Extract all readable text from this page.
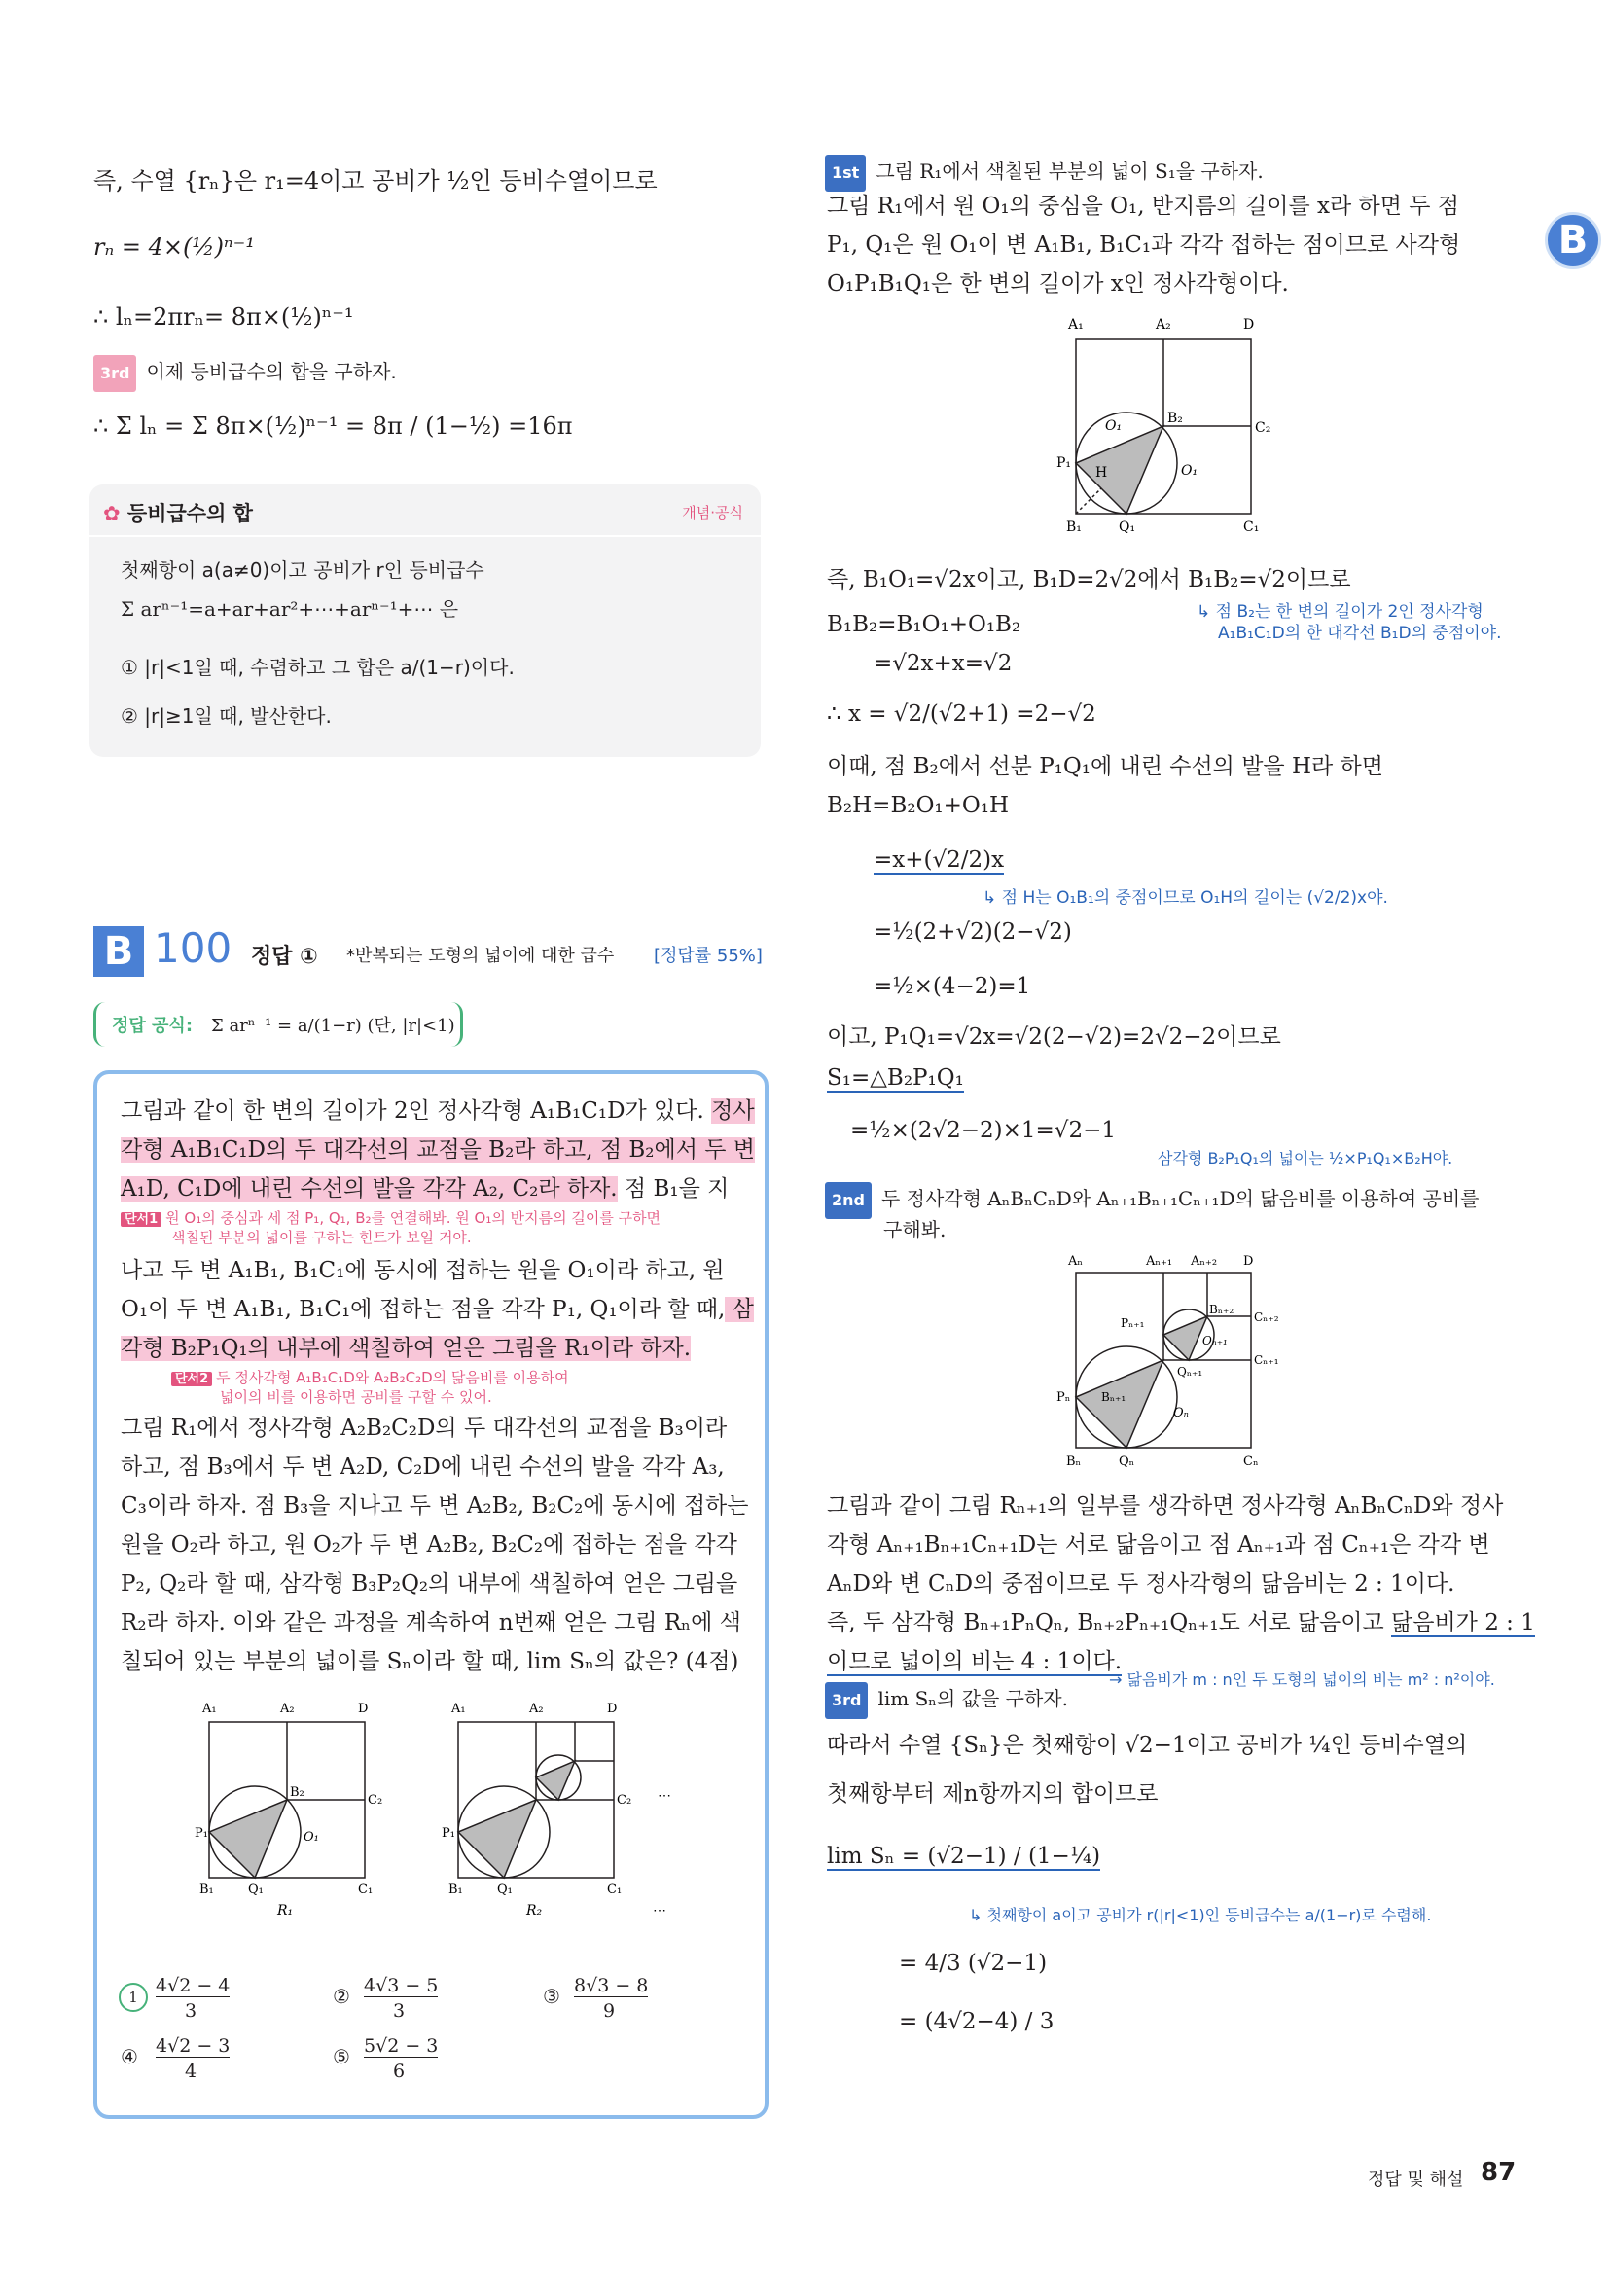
B
즉, 수열 {rₙ}은 r₁=4이고 공비가 ½인 등비수열이므로
rₙ = 4×(½)ⁿ⁻¹
∴ lₙ=2πrₙ= 8π×(½)ⁿ⁻¹
3rd 이제 등비급수의 합을 구하자.
∴ Σ lₙ = Σ 8π×(½)ⁿ⁻¹ = 8π / (1−½) =16π
✿ 등비급수의 합	개념·공식
첫째항이 a(a≠0)이고 공비가 r인 등비급수
Σ arⁿ⁻¹=a+ar+ar²+⋯+arⁿ⁻¹+⋯ 은
① |r|<1일 때, 수렴하고 그 합은 a/(1−r)이다.
② |r|≥1일 때, 발산한다.
B 100 정답 ① *반복되는 도형의 넓이에 대한 급수 [정답률 55%]
정답 공식: Σ arⁿ⁻¹ = a/(1−r) (단, |r|<1)
그림과 같이 한 변의 길이가 2인 정사각형 A₁B₁C₁D가 있다. 정사
각형 A₁B₁C₁D의 두 대각선의 교점을 B₂라 하고, 점 B₂에서 두 변
A₁D, C₁D에 내린 수선의 발을 각각 A₂, C₂라 하자. 점 B₁을 지
단서1 원 O₁의 중심과 세 점 P₁, Q₁, B₂를 연결해봐. 원 O₁의 반지름의 길이를 구하면
색칠된 부분의 넓이를 구하는 힌트가 보일 거야.
나고 두 변 A₁B₁, B₁C₁에 동시에 접하는 원을 O₁이라 하고, 원
O₁이 두 변 A₁B₁, B₁C₁에 접하는 점을 각각 P₁, Q₁이라 할 때, 삼
각형 B₂P₁Q₁의 내부에 색칠하여 얻은 그림을 R₁이라 하자.
단서2 두 정사각형 A₁B₁C₁D와 A₂B₂C₂D의 닮음비를 이용하여
넓이의 비를 이용하면 공비를 구할 수 있어.
그림 R₁에서 정사각형 A₂B₂C₂D의 두 대각선의 교점을 B₃이라
하고, 점 B₃에서 두 변 A₂D, C₂D에 내린 수선의 발을 각각 A₃,
C₃이라 하자. 점 B₃을 지나고 두 변 A₂B₂, B₂C₂에 동시에 접하는
원을 O₂라 하고, 원 O₂가 두 변 A₂B₂, B₂C₂에 접하는 점을 각각
P₂, Q₂라 할 때, 삼각형 B₃P₂Q₂의 내부에 색칠하여 얻은 그림을
R₂라 하자. 이와 같은 과정을 계속하여 n번째 얻은 그림 Rₙ에 색
칠되어 있는 부분의 넓이를 Sₙ이라 할 때, lim Sₙ의 값은? (4점)
A₁	A₂	D
B₂
C₂
O₁
P₁
B₁	Q₁	C₁
R₁
A₁	A₂	D
C₂
P₁
B₁	Q₁	C₁
⋯
R₂	⋯
1
4√2 − 4
3
② 4√3 − 5
3
③ 8√3 − 8
9
④ 4√2 − 3
4
⑤ 5√2 − 3
6
1st 그림 R₁에서 색칠된 부분의 넓이 S₁을 구하자.
그림 R₁에서 원 O₁의 중심을 O₁, 반지름의 길이를 x라 하면 두 점
P₁, Q₁은 원 O₁이 변 A₁B₁, B₁C₁과 각각 접하는 점이므로 사각형
O₁P₁B₁Q₁은 한 변의 길이가 x인 정사각형이다.
A₁	A₂	D
B₂
C₂
O₁
O₁
P₁
H
B₁	Q₁	C₁
즉, B₁O₁=√2x이고, B₁D=2√2에서 B₁B₂=√2이므로
↳ 점 B₂는 한 변의 길이가 2인 정사각형
A₁B₁C₁D의 한 대각선 B₁D의 중점이야.
B₁B₂=B₁O₁+O₁B₂
=√2x+x=√2
∴ x = √2/(√2+1) =2−√2
이때, 점 B₂에서 선분 P₁Q₁에 내린 수선의 발을 H라 하면
B₂H=B₂O₁+O₁H
=x+(√2/2)x
↳ 점 H는 O₁B₁의 중점이므로 O₁H의 길이는 (√2/2)x야.
=½(2+√2)(2−√2)
=½×(4−2)=1
이고, P₁Q₁=√2x=√2(2−√2)=2√2−2이므로
S₁=△B₂P₁Q₁
=½×(2√2−2)×1=√2−1
삼각형 B₂P₁Q₁의 넓이는 ½×P₁Q₁×B₂H야.
2nd 두 정사각형 AₙBₙCₙD와 Aₙ₊₁Bₙ₊₁Cₙ₊₁D의 닮음비를 이용하여 공비를
구해봐.
Aₙ	Aₙ₊₁ Aₙ₊₂ D
Bₙ₊₂
Cₙ₊₂
Pₙ₊₁
Oₙ₊₁
Cₙ₊₁
Qₙ₊₁
Pₙ	Bₙ₊₁
Oₙ
Bₙ	Qₙ	Cₙ
그림과 같이 그림 Rₙ₊₁의 일부를 생각하면 정사각형 AₙBₙCₙD와 정사
각형 Aₙ₊₁Bₙ₊₁Cₙ₊₁D는 서로 닮음이고 점 Aₙ₊₁과 점 Cₙ₊₁은 각각 변
AₙD와 변 CₙD의 중점이므로 두 정사각형의 닮음비는 2 : 1이다.
즉, 두 삼각형 Bₙ₊₁PₙQₙ, Bₙ₊₂Pₙ₊₁Qₙ₊₁도 서로 닮음이고 닮음비가 2 : 1
이므로 넓이의 비는 4 : 1이다.
→ 닮음비가 m : n인 두 도형의 넓이의 비는 m² : n²이야.
3rd lim Sₙ의 값을 구하자.
따라서 수열 {Sₙ}은 첫째항이 √2−1이고 공비가 ¼인 등비수열의
첫째항부터 제n항까지의 합이므로
lim Sₙ = (√2−1) / (1−¼)
↳ 첫째항이 a이고 공비가 r(|r|<1)인 등비급수는 a/(1−r)로 수렴해.
= 4/3 (√2−1)
= (4√2−4) / 3
정답 및 해설 87
